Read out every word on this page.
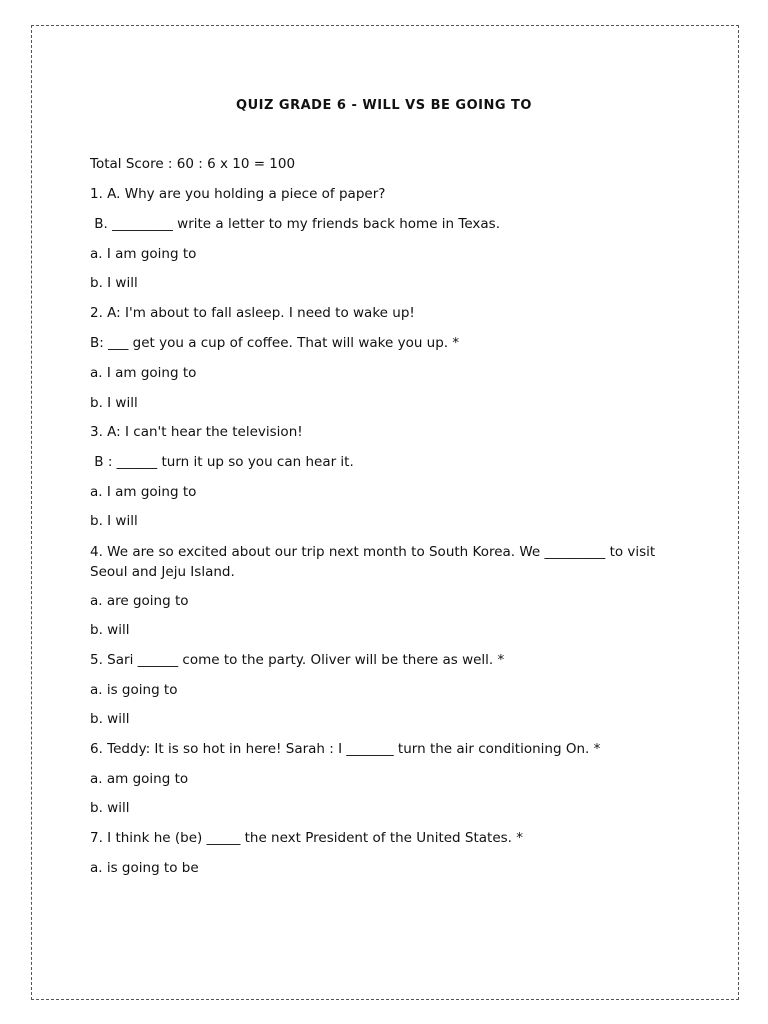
QUIZ GRADE 6 - WILL VS BE GOING TO
Total Score : 60 : 6 x 10 = 100
1. A. Why are you holding a piece of paper?
B. _________ write a letter to my friends back home in Texas.
a. I am going to
b. I will
2. A: I'm about to fall asleep. I need to wake up!
B: ___ get you a cup of coffee. That will wake you up. *
a. I am going to
b. I will
3. A: I can't hear the television!
B : ______ turn it up so you can hear it.
a. I am going to
b. I will
4. We are so excited about our trip next month to South Korea. We _________ to visit Seoul and Jeju Island.
a. are going to
b. will
5. Sari ______ come to the party. Oliver will be there as well. *
a. is going to
b. will
6. Teddy: It is so hot in here! Sarah : I _______ turn the air conditioning On. *
a. am going to
b. will
7. I think he (be) _____ the next President of the United States. *
a. is going to be
